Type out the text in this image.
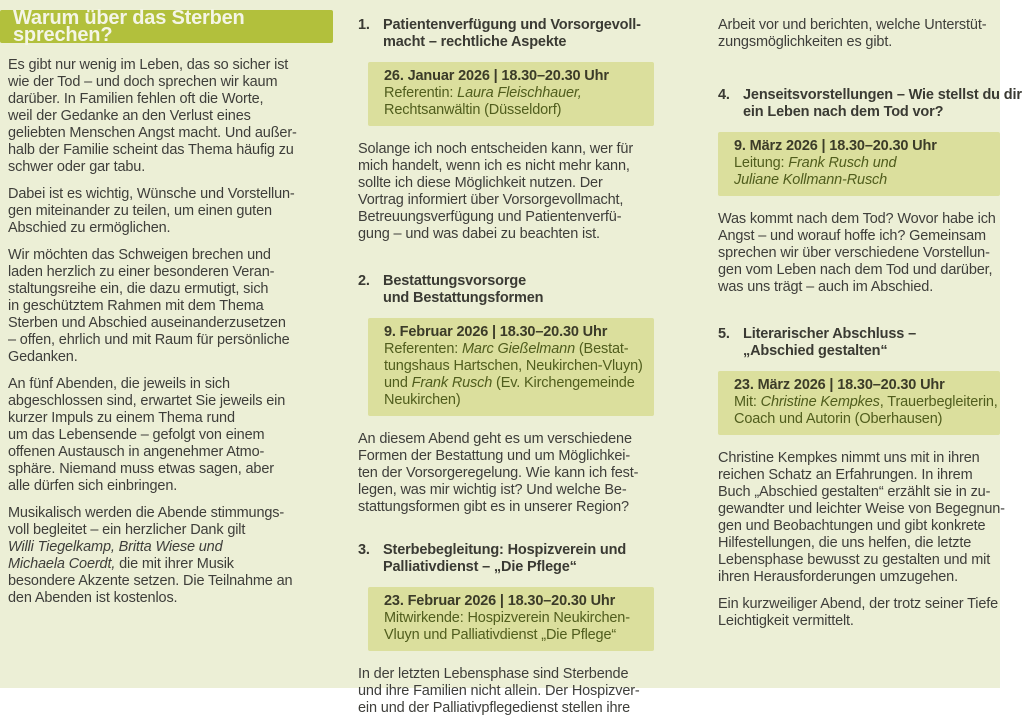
Warum über das Sterben sprechen?

Es gibt nur wenig im Leben, das so sicher ist
wie der Tod – und doch sprechen wir kaum
darüber. In Familien fehlen oft die Worte,
weil der Gedanke an den Verlust eines
geliebten Menschen Angst macht. Und außer-
halb der Familie scheint das Thema häufig zu
schwer oder gar tabu.

Dabei ist es wichtig, Wünsche und Vorstellun-
gen miteinander zu teilen, um einen guten
Abschied zu ermöglichen.

Wir möchten das Schweigen brechen und
laden herzlich zu einer besonderen Veran-
staltungsreihe ein, die dazu ermutigt, sich
in geschütztem Rahmen mit dem Thema
Sterben und Abschied auseinanderzusetzen
– offen, ehrlich und mit Raum für persönliche
Gedanken.

An fünf Abenden, die jeweils in sich
abgeschlossen sind, erwartet Sie jeweils ein
kurzer Impuls zu einem Thema rund
um das Lebensende – gefolgt von einem
offenen Austausch in angenehmer Atmo-
sphäre. Niemand muss etwas sagen, aber
alle dürfen sich einbringen.

Musikalisch werden die Abende stimmungs-
voll begleitet – ein herzlicher Dank gilt
Willi Tiegelkamp, Britta Wiese und
Michaela Coerdt, die mit ihrer Musik
besondere Akzente setzen. Die Teilnahme an
den Abenden ist kostenlos.

1. Patientenverfügung und Vorsorgevoll-
macht – rechtliche Aspekte
26. Januar 2026 | 18.30–20.30 Uhr
Referentin: Laura Fleischhauer,
Rechtsanwältin (Düsseldorf)

Solange ich noch entscheiden kann, wer für
mich handelt, wenn ich es nicht mehr kann,
sollte ich diese Möglichkeit nutzen. Der
Vortrag informiert über Vorsorgevollmacht,
Betreuungsverfügung und Patientenverfü-
gung – und was dabei zu beachten ist.

2. Bestattungsvorsorge
und Bestattungsformen
9. Februar 2026 | 18.30–20.30 Uhr
Referenten: Marc Gießelmann (Bestat-
tungshaus Hartschen, Neukirchen-Vluyn)
und Frank Rusch (Ev. Kirchengemeinde
Neukirchen)

An diesem Abend geht es um verschiedene
Formen der Bestattung und um Möglichkei-
ten der Vorsorgeregelung. Wie kann ich fest-
legen, was mir wichtig ist? Und welche Be-
stattungsformen gibt es in unserer Region?

3. Sterbebegleitung: Hospizverein und
Palliativdienst – „Die Pflege“
23. Februar 2026 | 18.30–20.30 Uhr
Mitwirkende: Hospizverein Neukirchen-
Vluyn und Palliativdienst „Die Pflege“

In der letzten Lebensphase sind Sterbende
und ihre Familien nicht allein. Der Hospizver-
ein und der Palliativpflegedienst stellen ihre

Arbeit vor und berichten, welche Unterstüt-
zungsmöglichkeiten es gibt.

4. Jenseitsvorstellungen – Wie stellst du dir
ein Leben nach dem Tod vor?
9. März 2026 | 18.30–20.30 Uhr
Leitung: Frank Rusch und
Juliane Kollmann-Rusch

Was kommt nach dem Tod? Wovor habe ich
Angst – und worauf hoffe ich? Gemeinsam
sprechen wir über verschiedene Vorstellun-
gen vom Leben nach dem Tod und darüber,
was uns trägt – auch im Abschied.

5. Literarischer Abschluss –
„Abschied gestalten“
23. März 2026 | 18.30–20.30 Uhr
Mit: Christine Kempkes, Trauerbegleiterin,
Coach und Autorin (Oberhausen)

Christine Kempkes nimmt uns mit in ihren
reichen Schatz an Erfahrungen. In ihrem
Buch „Abschied gestalten“ erzählt sie in zu-
gewandter und leichter Weise von Begegnun-
gen und Beobachtungen und gibt konkrete
Hilfestellungen, die uns helfen, die letzte
Lebensphase bewusst zu gestalten und mit
ihren Herausforderungen umzugehen.

Ein kurzweiliger Abend, der trotz seiner Tiefe
Leichtigkeit vermittelt.
